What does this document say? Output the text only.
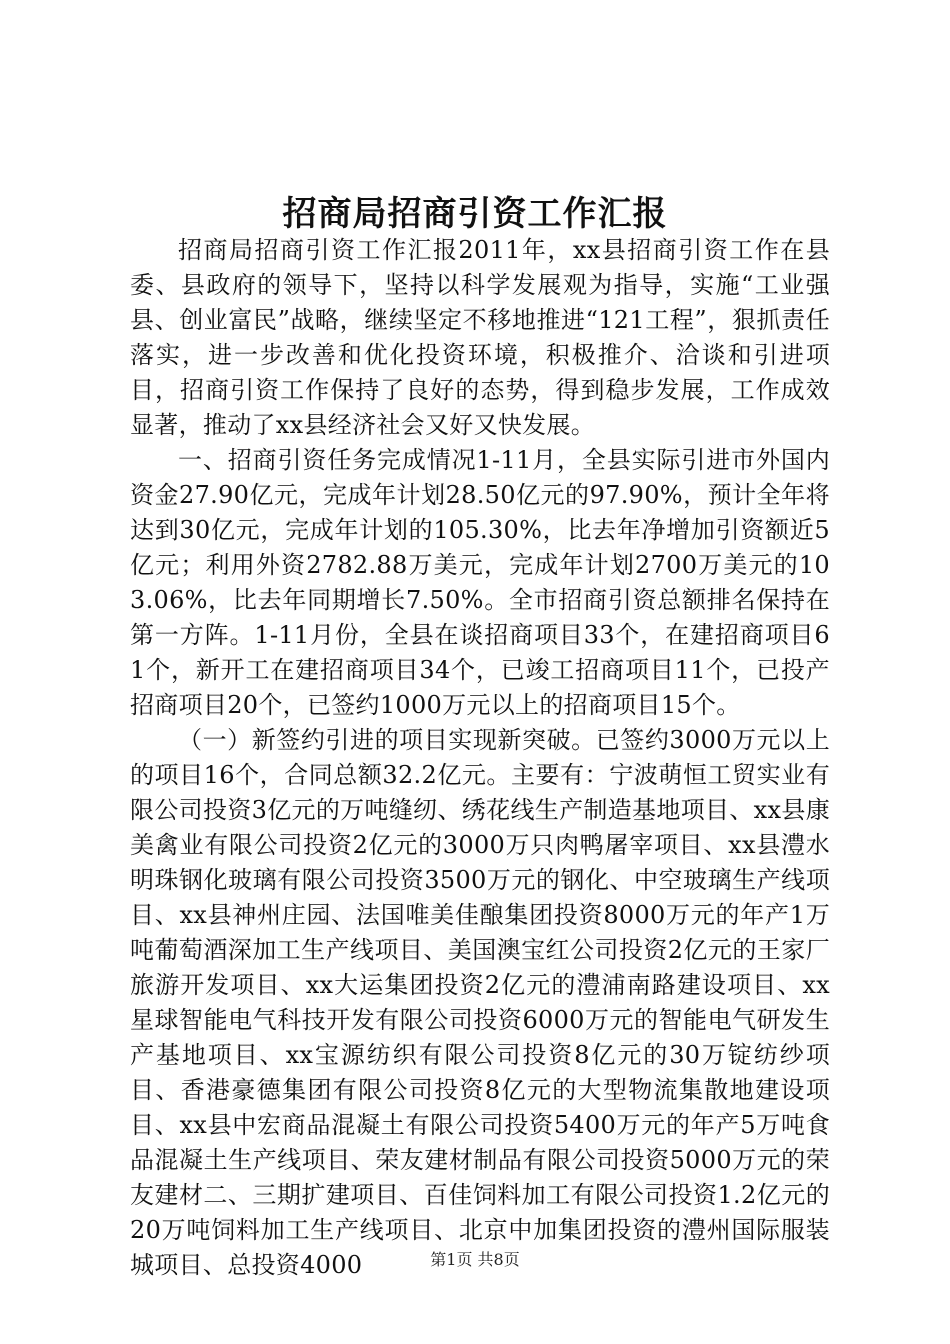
招商局招商引资工作汇报

招商局招商引资工作汇报2011年，xx县招商引资工作在县委、县政府的领导下，坚持以科学发展观为指导，实施“工业强县、创业富民”战略，继续坚定不移地推进“121工程”，狠抓责任落实，进一步改善和优化投资环境，积极推介、洽谈和引进项目，招商引资工作保持了良好的态势，得到稳步发展，工作成效显著，推动了xx县经济社会又好又快发展。

一、招商引资任务完成情况1-11月，全县实际引进市外国内资金27.90亿元，完成年计划28.50亿元的97.90%，预计全年将达到30亿元，完成年计划的105.30%，比去年净增加引资额近5亿元；利用外资2782.88万美元，完成年计划2700万美元的103.06%，比去年同期增长7.50%。全市招商引资总额排名保持在第一方阵。1-11月份，全县在谈招商项目33个，在建招商项目61个，新开工在建招商项目34个，已竣工招商项目11个，已投产招商项目20个，已签约1000万元以上的招商项目15个。

（一）新签约引进的项目实现新突破。已签约3000万元以上的项目16个，合同总额32.2亿元。主要有：宁波萌恒工贸实业有限公司投资3亿元的万吨缝纫、绣花线生产制造基地项目、xx县康美禽业有限公司投资2亿元的3000万只肉鸭屠宰项目、xx县澧水明珠钢化玻璃有限公司投资3500万元的钢化、中空玻璃生产线项目、xx县神州庄园、法国唯美佳酿集团投资8000万元的年产1万吨葡萄酒深加工生产线项目、美国澳宝红公司投资2亿元的王家厂旅游开发项目、xx大运集团投资2亿元的澧浦南路建设项目、xx星球智能电气科技开发有限公司投资6000万元的智能电气研发生产基地项目、xx宝源纺织有限公司投资8亿元的30万锭纺纱项目、香港豪德集团有限公司投资8亿元的大型物流集散地建设项目、xx县中宏商品混凝土有限公司投资5400万元的年产5万吨食品混凝土生产线项目、荣友建材制品有限公司投资5000万元的荣友建材二、三期扩建项目、百佳饲料加工有限公司投资1.2亿元的20万吨饲料加工生产线项目、北京中加集团投资的澧州国际服装城项目、总投资4000	第1页 共8页
